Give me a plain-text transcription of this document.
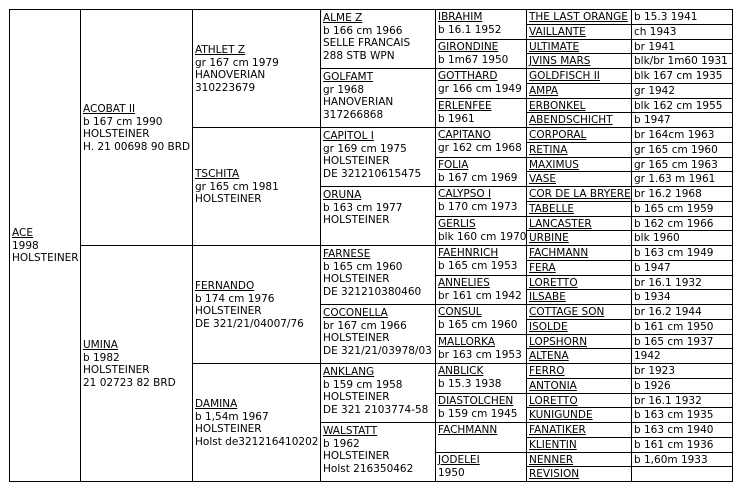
ACE
1998
HOLSTEINER
ACOBAT II
b 167 cm 1990
HOLSTEINER
H. 21 00698 90 BRD
UMINA
b 1982
HOLSTEINER
21 02723 82 BRD
ATHLET Z
gr 167 cm 1979
HANOVERIAN
310223679
TSCHITA
gr 165 cm 1981
HOLSTEINER
FERNANDO
b 174 cm 1976
HOLSTEINER
DE 321/21/04007/76
DAMINA
b 1,54m 1967
HOLSTEINER
Holst de321216410202
ALME Z
b 166 cm 1966
SELLE FRANCAIS
288 STB WPN
GOLFAMT
gr 1968
HANOVERIAN
317266868
CAPITOL I
gr 169 cm 1975
HOLSTEINER
DE 321210615475
ORUNA
b 163 cm 1977
HOLSTEINER
FARNESE
b 165 cm 1960
HOLSTEINER
DE 321210380460
COCONELLA
br 167 cm 1966
HOLSTEINER
DE 321/21/03978/03
ANKLANG
b 159 cm 1958
HOLSTEINER
DE 321 2103774-58
WALSTATT
b 1962
HOLSTEINER
Holst 216350462
IBRAHIM
b 16.1 1952
GIRONDINE
b 1m67 1950
GOTTHARD
gr 166 cm 1949
ERLENFEE
b 1961
CAPITANO
gr 162 cm 1968
FOLIA
b 167 cm 1969
CALYPSO I
b 170 cm 1973
GERLIS
blk 160 cm 1970
FAEHNRICH
b 165 cm 1953
ANNELIES
br 161 cm 1942
CONSUL
b 165 cm 1960
MALLORKA
br 163 cm 1953
ANBLICK
b 15.3 1938
DIASTOLCHEN
b 159 cm 1945
FACHMANN
JODELEI
1950
THE LAST ORANGE b 15.3 1941
VAILLANTE	ch 1943
ULTIMATE	br 1941
JVINS MARS	blk/br 1m60 1931
GOLDFISCH II	blk 167 cm 1935
AMPA	gr 1942
ERBONKEL	blk 162 cm 1955
ABENDSCHICHT	b 1947
CORPORAL	br 164cm 1963
RETINA	gr 165 cm 1960
MAXIMUS	gr 165 cm 1963
VASE	gr 1.63 m 1961
COR DE LA BRYERE br 16.2 1968
TABELLE	b 165 cm 1959
LANCASTER	b 162 cm 1966
URBINE	blk 1960
FACHMANN	b 163 cm 1949
FERA	b 1947
LORETTO	br 16.1 1932
ILSABE	b 1934
COTTAGE SON	br 16.2 1944
ISOLDE	b 161 cm 1950
LOPSHORN	b 165 cm 1937
ALTENA	1942
FERRO	br 1923
ANTONIA	b 1926
LORETTO	br 16.1 1932
KUNIGUNDE	b 163 cm 1935
FANATIKER	b 163 cm 1940
KLIENTIN	b 161 cm 1936
NENNER	b 1,60m 1933
REVISION
